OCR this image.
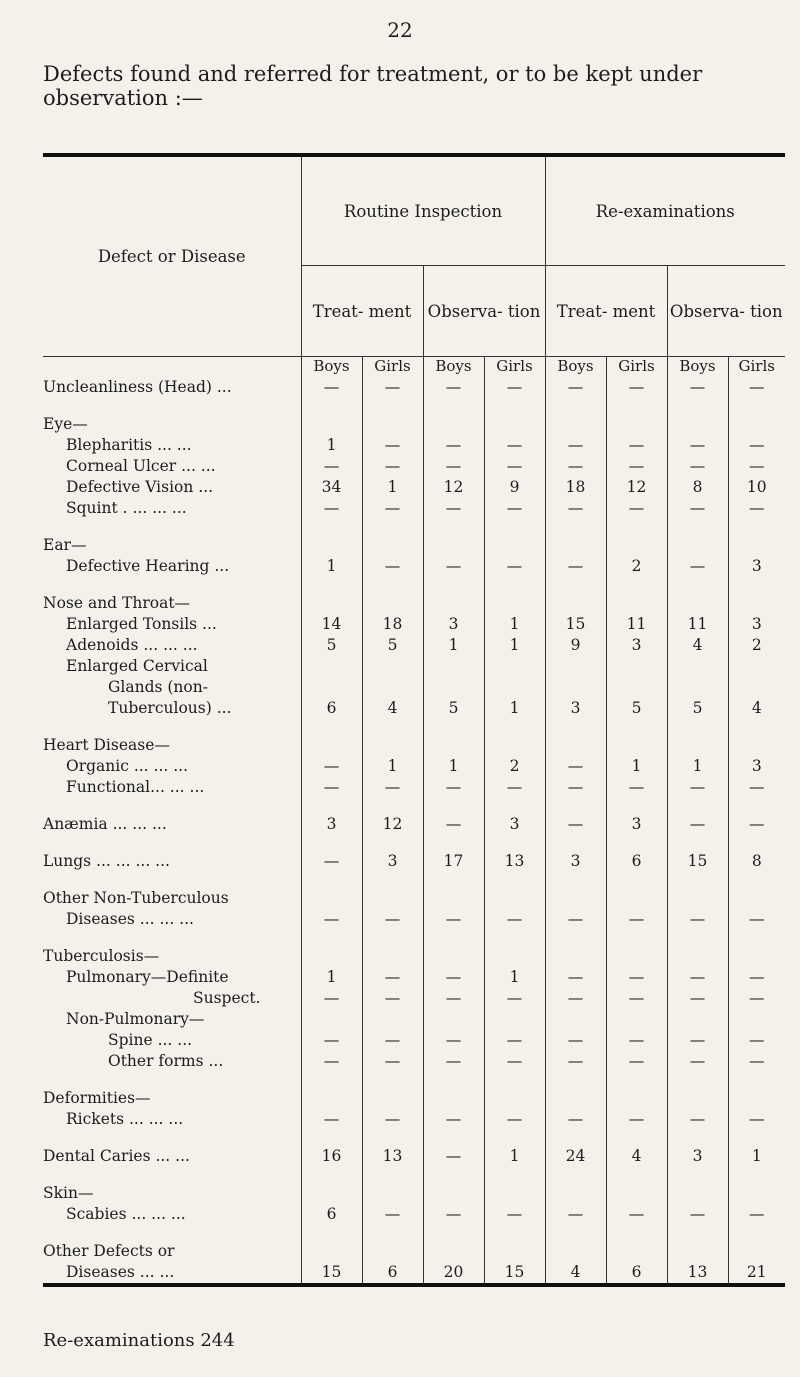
22
Defects found and referred for treatment, or to be kept under observation :—
Defect or Disease	Routine Inspection				Re-examinations			
	Treat- ment		Observa- tion		Treat- ment		Observa- tion	
	Boys	Girls	Boys	Girls	Boys	Girls	Boys	Girls
Uncleanliness (Head) ...	—	—	—	—	—	—	—	—

Eye—								
Blepharitis ... ...	1	—	—	—	—	—	—	—
Corneal Ulcer ... ...	—	—	—	—	—	—	—	—
Defective Vision ...	34	1	12	9	18	12	8	10
Squint . ... ... ...	—	—	—	—	—	—	—	—

Ear—								
Defective Hearing ...	1	—	—	—	—	2	—	3

Nose and Throat—								
Enlarged Tonsils ...	14	18	3	1	15	11	11	3
Adenoids ... ... ...	5	5	1	1	9	3	4	2
Enlarged Cervical								
Glands (non-								
Tuberculous) ...	6	4	5	1	3	5	5	4

Heart Disease—								
Organic ... ... ...	—	1	1	2	—	1	1	3
Functional... ... ...	—	—	—	—	—	—	—	—

Anæmia ... ... ...	3	12	—	3	—	3	—	—

Lungs ... ... ... ...	—	3	17	13	3	6	15	8

Other Non-Tuberculous								
Diseases ... ... ...	—	—	—	—	—	—	—	—

Tuberculosis—								
Pulmonary—Definite	1	—	—	1	—	—	—	—
Suspect.	—	—	—	—	—	—	—	—
Non-Pulmonary—								
Spine ... ...	—	—	—	—	—	—	—	—
Other forms ...	—	—	—	—	—	—	—	—

Deformities—								
Rickets ... ... ...	—	—	—	—	—	—	—	—

Dental Caries ... ...	16	13	—	1	24	4	3	1

Skin—								
Scabies ... ... ...	6	—	—	—	—	—	—	—

Other Defects or								
Diseases ... ...	15	6	20	15	4	6	13	21
Re-examinations 244
